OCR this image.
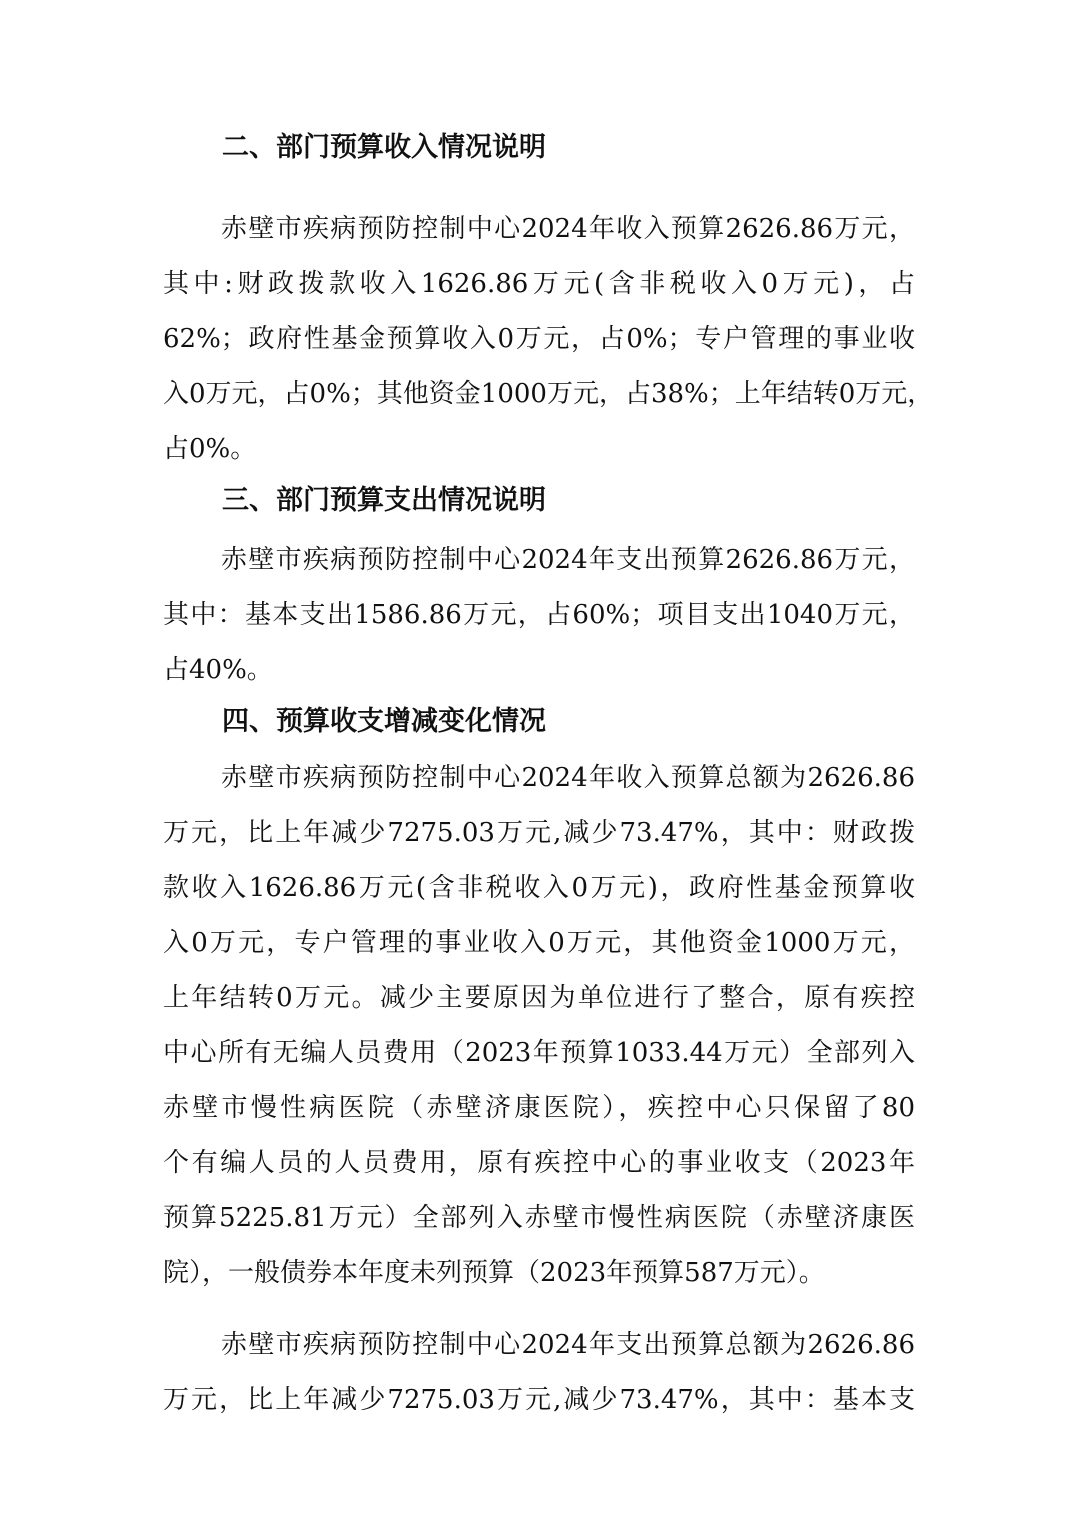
二、部门预算收入情况说明
赤壁市疾病预防控制中心2024年收入预算2626.86万元，
其中:财政拨款收入1626.86万元(含非税收入0万元)，占
62%；政府性基金预算收入0万元，占0%；专户管理的事业收
入0万元，占0%；其他资金1000万元，占38%；上年结转0万元，
占0%。
三、部门预算支出情况说明
赤壁市疾病预防控制中心2024年支出预算2626.86万元，
其中：基本支出1586.86万元，占60%；项目支出1040万元，
占40%。
四、预算收支增减变化情况
赤壁市疾病预防控制中心2024年收入预算总额为2626.86
万元，比上年减少7275.03万元,减少73.47%，其中：财政拨
款收入1626.86万元(含非税收入0万元)，政府性基金预算收
入0万元，专户管理的事业收入0万元，其他资金1000万元，
上年结转0万元。减少主要原因为单位进行了整合，原有疾控
中心所有无编人员费用（2023年预算1033.44万元）全部列入
赤壁市慢性病医院（赤壁济康医院），疾控中心只保留了80
个有编人员的人员费用，原有疾控中心的事业收支（2023年
预算5225.81万元）全部列入赤壁市慢性病医院（赤壁济康医
院），一般债券本年度未列预算（2023年预算587万元）。
赤壁市疾病预防控制中心2024年支出预算总额为2626.86
万元，比上年减少7275.03万元,减少73.47%，其中：基本支
